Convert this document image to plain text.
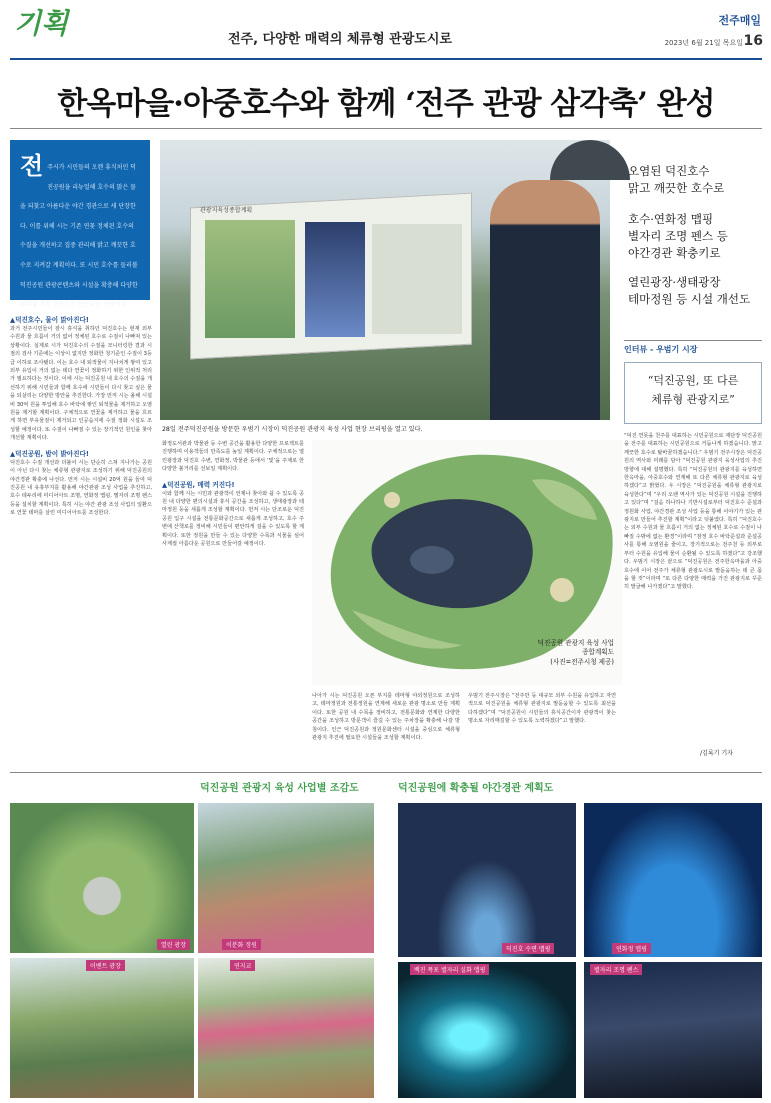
기획	전주, 다양한 매력의 체류형 관광도시로
전주매일
2023년 6월 21일 목요일 16
한옥마을·아중호수와 함께 ‘전주 관광 삼각축’ 완성
전 주시가 시민들의 오랜 휴식처인 덕진공원을 리뉴얼해 호수의 맑은 물을 되찾고 아름다운 야간 경관으로 새 단장한다. 이를 위해 시는 기존 연꽃 정체된 호수의 수질을 개선하고 집중 관리해 밝고 깨끗한 호수로 지켜갈 계획이다. 또 시민 호수를 들러볼 덕진공원 관광콘텐츠와 시설을 확충해 다양한 매력을 가진 관광지로 만든다는 구상이다.
관광지육성종합계획
28일 전주덕진공원을 방문한 우범기 시장이 덕진공원 관광지 육성 사업 현장 브리핑을 열고 있다.
오염된 덕진호수
맑고 깨끗한 호수로
호수·연화정 맵핑
별자리 조명 펜스 등
야간경관 확충키로
열린광장·생태광장
테마정원 등 시설 개선도
인터뷰 - 우범기 시장
“덕진공원, 또 다른
체류형 관광지로”
“덕진 연못을 천주를 대표하는 시민공원으로 재단장 덕진공원을 전주를 대표하는 시민공원으로 거듭나게 하겠습니다. 맑고 깨끗한 호수로 탈바꿈하겠습니다.” 우범기 전주시장은 덕진공원의 역사와 미래를 담아 “덕진공원 관광지 육성사업의 추진 방향에 대해 설명했다. 특히 “덕진공원의 관광지를 육성하면 한옥마을, 아중호수와 연계해 또 다른 체류형 관광지로 육성하겠다”고 밝혔다. 우 시장은 “덕진공원을 체류형 관광지로 육성한다”며 “우리 오랜 역사가 있는 덕진공원 시설을 진행하고 있다”며 “걸음 하나하나 기반시설로부터 덕진호수 준설과 정원화 사업, 야간경관 조성 사업 등을 통해 이야기가 있는 관광지로 만들어 추진할 계획”이라고 덧붙였다. 특히 “덕진호수는 외부 수원과 물 흐름이 거의 없는 정체된 호수로 수질이 나빠질 수밖에 없는 환경”이라며 “잠정 호수 바닥준설과 준설공사를 통해 오염원을 줄이고, 장기적으로는 전주천 등 외부로부터 수원을 유입해 물이 순환될 수 있도록 하겠다”고 강조했다. 우범기 시장은 끝으로 “덕진공원은 전주한옥마을과 아중호수에 이어 전주가 체류형 관광도시로 발돋움하는 데 큰 몫을 할 것”이라며 “또 다른 다양한 매력을 가진 관광지로 꾸준히 발굴해 나가겠다”고 말했다.
/김록기 기자
▲덕진호수, 물이 맑아진다!
과거 전주시민들이 잠시 휴식을 취하던 덕진호수는 현재 외부 수원과 물 흐름이 거의 없어 정체된 호수로 수질이 나빠져 있는 상황이다. 실제로 시가 덕진호수의 수질을 모니터링한 결과 시점의 검사 기준에는 이상이 없지만 정화한 청기준인 수질이 3등급 이하로 조사됐다. 이는 호수 내 퇴적물이 지나치게 쌓여 있고 외부 유입이 거의 없는 데다 연꽃이 정화하기 위한 인위적 처리가 필요하다는 것이다. 이에 시는 덕진공원 내 호수의 수질을 개선하기 위해 시민들과 함께 호수에 시민들이 다시 찾고 싶은 물을 되살리는 다양한 방안을 추진한다. 가장 먼저 시는 올해 시설비 30억 원을 투입해 호수 바닥에 쌓인 퇴적물을 제거하고 오염원을 제거할 계획이다. 구체적으로 연꽃을 제거하고 물을 흐르게 하면 부유물질이 제거되고 인공습지에 수질 정화 시설도 조성할 예정이다. 또 수질이 나빠질 수 있는 장기적인 원인을 찾아 개선할 계획이다.
▲덕진공원, 밤이 밝아진다!
덕진호수 수질 개선과 더불어 시는 단순히 스쳐 지나가는 공원이 아닌 다시 찾는 체류형 관광지로 조성하기 위해 덕진공원의 야간경관 확충에 나선다. 먼저 시는 시설비 20억 원을 들여 덕진공원 내 유휴부지를 활용해 야간관광 조성 사업을 추진하고, 호수 테두리에 미디어아트 조명, 연화정 맵핑, 별자리 조명 펜스 등을 설치할 계획이다. 특히 시는 야간 관광 조성 사업의 일환으로 연꽃 테마를 살린 미디어아트를 조성한다.
화정도서관과 박물관 등 수변 공간을 활용한 다양한 프로젝트를 진행하며 이용객들의 만족도를 높일 계획이다. 구체적으로는 열린광장과 덕진호 수변, 연화정, 박물관 등에서 ‘빛’을 주제로 한 다양한 볼거리를 선보일 계획이다.
▲덕진공원, 매력 커진다!
이와 함께 시는 시민과 관광객이 언제나 찾아와 쉴 수 있도록 공원 내 다양한 편의시설과 휴식 공간을 조성하고, 생태광장과 테마정원 등을 새롭게 조성할 계획이다. 먼저 시는 단조로운 덕진공원 입구 시설을 전통문화공간으로 새롭게 조성하고, 호수 주변에 산책로를 정비해 시민들이 편안하게 걸을 수 있도록 할 계획이다. 또한 정원을 만들 수 있는 다양한 수목과 식물을 심어 사계절 아름다운 공원으로 만들어갈 예정이다.
덕진공원 관광지 육성 사업
종합계획도
(사진=전주시청 제공)
나아가 시는 덕진공원 오픈 부지를 테마형 야외정원으로 조성하고, 테마정원과 전통정원을 연계해 새로운 관광 명소로 만들 계획이다. 또한 공원 내 수목을 정비하고, 전통문화와 연계한 다양한 공간을 조성하고 방문객이 즐길 수 있는 주차장을 확충해 나갈 방침이다. 인근 덕진공원과 정원문화센터 시설을 중심으로 체류형 관광지 추진에 필요한 시설들을 조성할 계획이다.
우범기 전주시장은 “전주만 등 대규모 외부 수원을 유입하고 자연적으로 덕진공원을 체류형 관광지로 발돋움할 수 있도록 최선을 다하겠다”며 “덕진공원이 시민들의 휴식공간이자 관광객이 찾는 명소로 자리매김할 수 있도록 노력하겠다”고 말했다.
덕진공원 관광지 육성 사업별 조감도	덕진공원에 확충될 야간경관 계획도
열린 광장	이분화 정원
이벤트 광장	연지교
덕진호 수면 맵핑	연화정 맵핑
백진 폭포 별자리 실화 맵핑	별자리 조명 펜스
